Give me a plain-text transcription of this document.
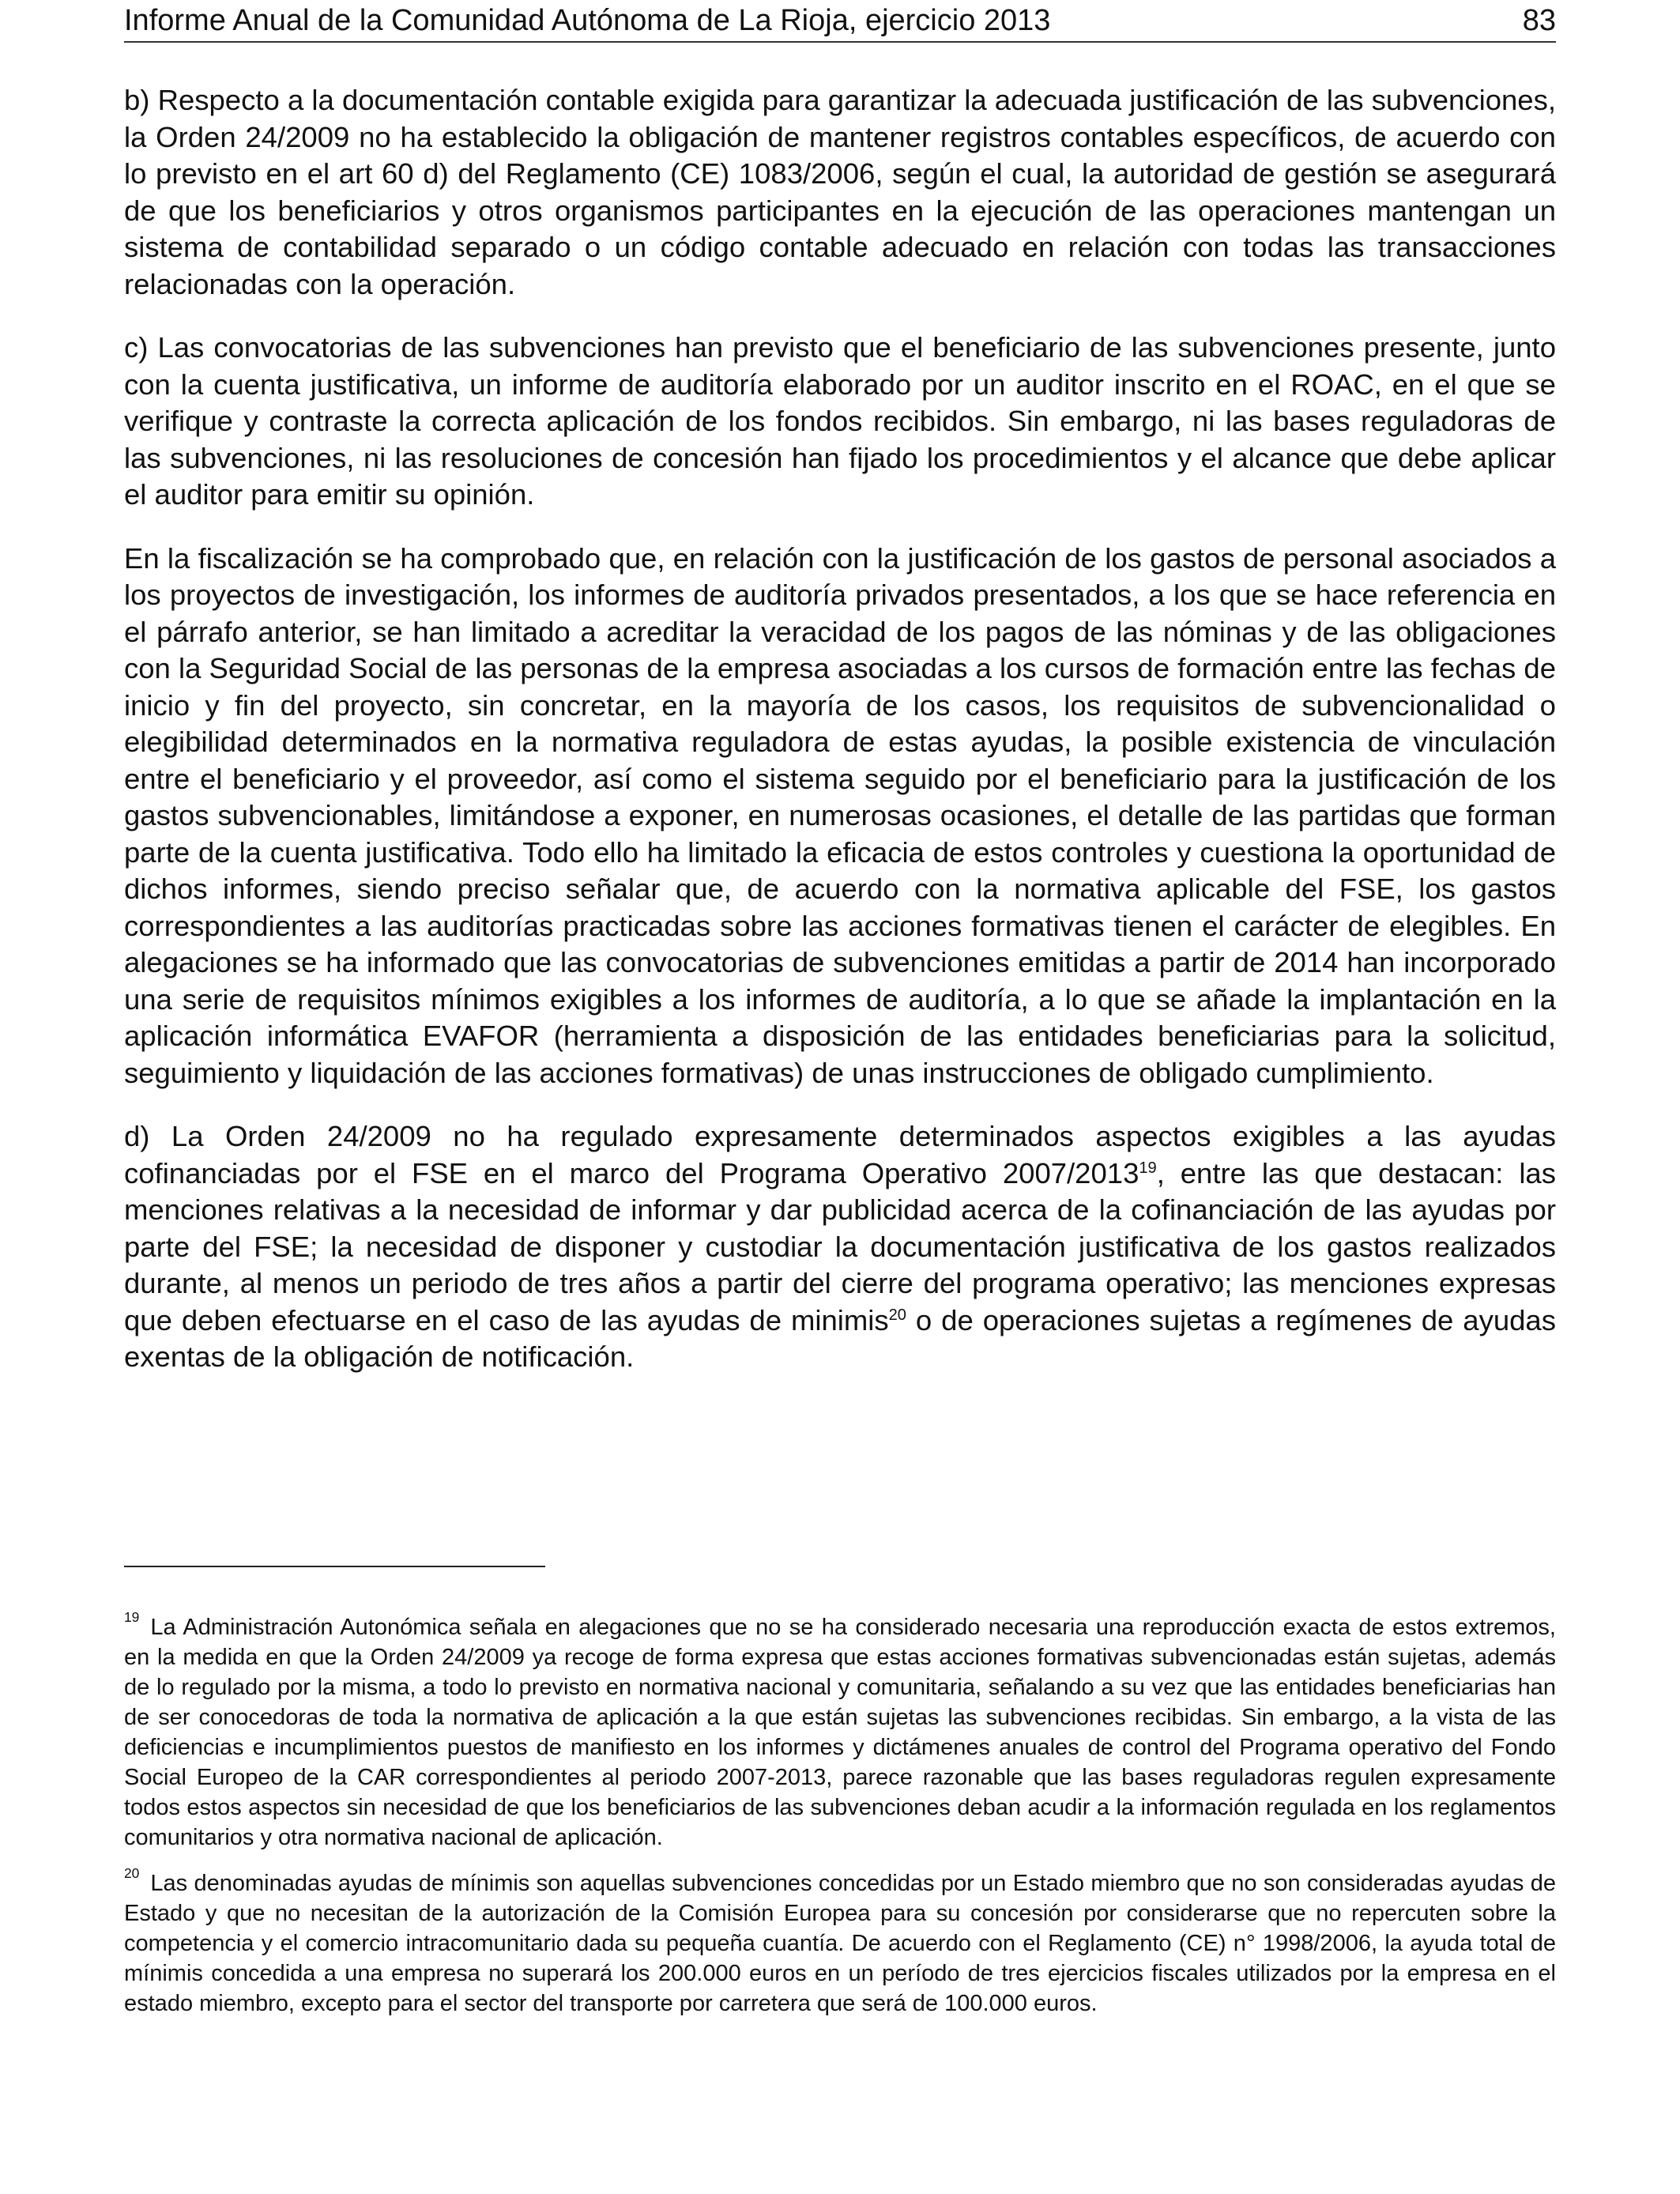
Informe Anual de la Comunidad Autónoma de La Rioja, ejercicio 2013	83

b) Respecto a la documentación contable exigida para garantizar la adecuada justificación de las subvenciones, la Orden 24/2009 no ha establecido la obligación de mantener registros contables específicos, de acuerdo con lo previsto en el art 60 d) del Reglamento (CE) 1083/2006, según el cual, la autoridad de gestión se asegurará de que los beneficiarios y otros organismos participantes en la ejecución de las operaciones mantengan un sistema de contabilidad separado o un código contable adecuado en relación con todas las transacciones relacionadas con la operación.

c) Las convocatorias de las subvenciones han previsto que el beneficiario de las subvenciones presente, junto con la cuenta justificativa, un informe de auditoría elaborado por un auditor inscrito en el ROAC, en el que se verifique y contraste la correcta aplicación de los fondos recibidos. Sin embargo, ni las bases reguladoras de las subvenciones, ni las resoluciones de concesión han fijado los procedimientos y el alcance que debe aplicar el auditor para emitir su opinión.

En la fiscalización se ha comprobado que, en relación con la justificación de los gastos de personal asociados a los proyectos de investigación, los informes de auditoría privados presentados, a los que se hace referencia en el párrafo anterior, se han limitado a acreditar la veracidad de los pagos de las nóminas y de las obligaciones con la Seguridad Social de las personas de la empresa asociadas a los cursos de formación entre las fechas de inicio y fin del proyecto, sin concretar, en la mayoría de los casos, los requisitos de subvencionalidad o elegibilidad determinados en la normativa reguladora de estas ayudas, la posible existencia de vinculación entre el beneficiario y el proveedor, así como el sistema seguido por el beneficiario para la justificación de los gastos subvencionables, limitándose a exponer, en numerosas ocasiones, el detalle de las partidas que forman parte de la cuenta justificativa. Todo ello ha limitado la eficacia de estos controles y cuestiona la oportunidad de dichos informes, siendo preciso señalar que, de acuerdo con la normativa aplicable del FSE, los gastos correspondientes a las auditorías practicadas sobre las acciones formativas tienen el carácter de elegibles. En alegaciones se ha informado que las convocatorias de subvenciones emitidas a partir de 2014 han incorporado una serie de requisitos mínimos exigibles a los informes de auditoría, a lo que se añade la implantación en la aplicación informática EVAFOR (herramienta a disposición de las entidades beneficiarias para la solicitud, seguimiento y liquidación de las acciones formativas) de unas instrucciones de obligado cumplimiento.

d) La Orden 24/2009 no ha regulado expresamente determinados aspectos exigibles a las ayudas cofinanciadas por el FSE en el marco del Programa Operativo 2007/2013$^{19}$, entre las que destacan: las menciones relativas a la necesidad de informar y dar publicidad acerca de la cofinanciación de las ayudas por parte del FSE; la necesidad de disponer y custodiar la documentación justificativa de los gastos realizados durante, al menos un periodo de tres años a partir del cierre del programa operativo; las menciones expresas que deben efectuarse en el caso de las ayudas de minimis$^{20}$ o de operaciones sujetas a regímenes de ayudas exentas de la obligación de notificación.

$^{19}$ La Administración Autonómica señala en alegaciones que no se ha considerado necesaria una reproducción exacta de estos extremos, en la medida en que la Orden 24/2009 ya recoge de forma expresa que estas acciones formativas subvencionadas están sujetas, además de lo regulado por la misma, a todo lo previsto en normativa nacional y comunitaria, señalando a su vez que las entidades beneficiarias han de ser conocedoras de toda la normativa de aplicación a la que están sujetas las subvenciones recibidas. Sin embargo, a la vista de las deficiencias e incumplimientos puestos de manifiesto en los informes y dictámenes anuales de control del Programa operativo del Fondo Social Europeo de la CAR correspondientes al periodo 2007-2013, parece razonable que las bases reguladoras regulen expresamente todos estos aspectos sin necesidad de que los beneficiarios de las subvenciones deban acudir a la información regulada en los reglamentos comunitarios y otra normativa nacional de aplicación.

$^{20}$ Las denominadas ayudas de mínimis son aquellas subvenciones concedidas por un Estado miembro que no son consideradas ayudas de Estado y que no necesitan de la autorización de la Comisión Europea para su concesión por considerarse que no repercuten sobre la competencia y el comercio intracomunitario dada su pequeña cuantía. De acuerdo con el Reglamento (CE) n° 1998/2006, la ayuda total de mínimis concedida a una empresa no superará los 200.000 euros en un período de tres ejercicios fiscales utilizados por la empresa en el estado miembro, excepto para el sector del transporte por carretera que será de 100.000 euros.
